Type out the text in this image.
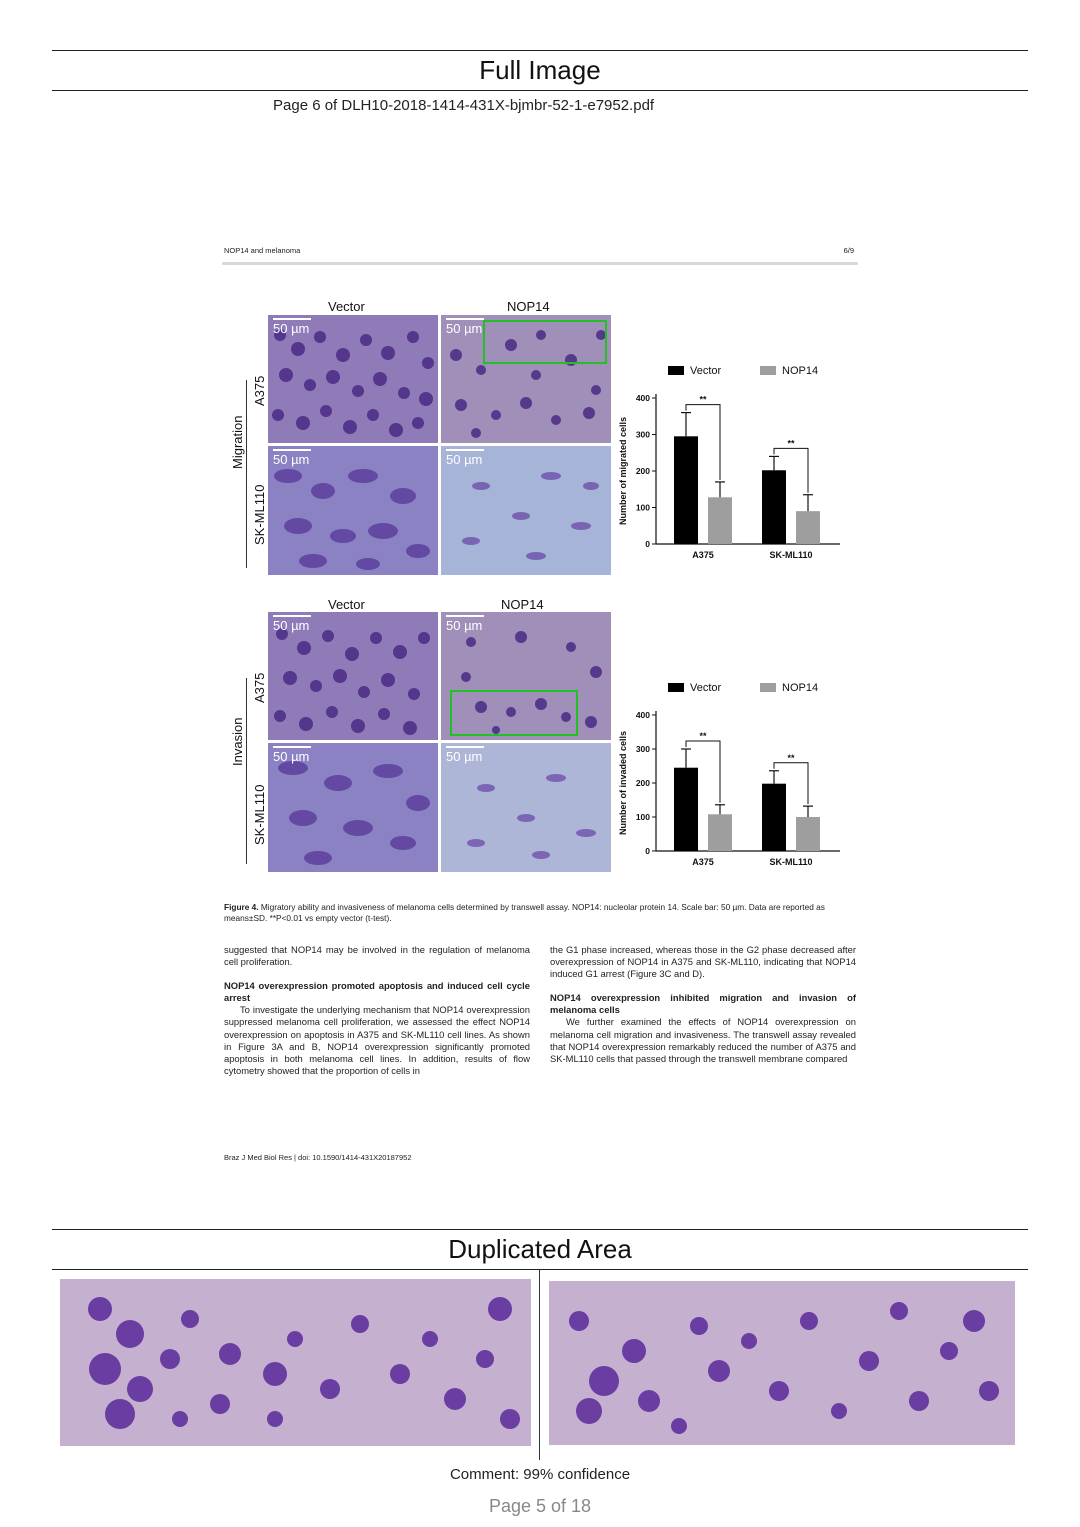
Full Image
Page 6 of DLH10-2018-1414-431X-bjmbr-52-1-e7952.pdf
NOP14 and melanoma	6/9
Vector	NOP14
Migration
A375
SK-ML110
50 µm	50 µm
50 µm	50 µm
Vector	NOP14
Invasion
A375
SK-ML110
50 µm	50 µm
50 µm	50 µm
Vector	NOP14
0
100
200
300
400
Number of migrated cells
**
A375
**
SK-ML110
Vector	NOP14
0
100
200
300
400
Number of invaded cells	**
A375
**
SK-ML110
Figure 4. Migratory ability and invasiveness of melanoma cells determined by transwell assay. NOP14: nucleolar protein 14. Scale bar: 50 µm. Data are reported as means±SD. **P<0.01 vs empty vector (t-test).

suggested that NOP14 may be involved in the regulation of melanoma cell proliferation.

NOP14 overexpression promoted apoptosis and induced cell cycle arrest

To investigate the underlying mechanism that NOP14 overexpression suppressed melanoma cell proliferation, we assessed the effect NOP14 overexpression on apoptosis in A375 and SK-ML110 cell lines. As shown in Figure 3A and B, NOP14 overexpression significantly promoted apoptosis in both melanoma cell lines. In addition, results of flow cytometry showed that the proportion of cells in

the G1 phase increased, whereas those in the G2 phase decreased after overexpression of NOP14 in A375 and SK-ML110, indicating that NOP14 induced G1 arrest (Figure 3C and D).

NOP14 overexpression inhibited migration and invasion of melanoma cells

We further examined the effects of NOP14 overexpression on melanoma cell migration and invasiveness. The transwell assay revealed that NOP14 overexpression remarkably reduced the number of A375 and SK-ML110 cells that passed through the transwell membrane compared

Braz J Med Biol Res | doi: 10.1590/1414-431X20187952
Duplicated Area
Comment: 99% confidence
Page 5 of 18
